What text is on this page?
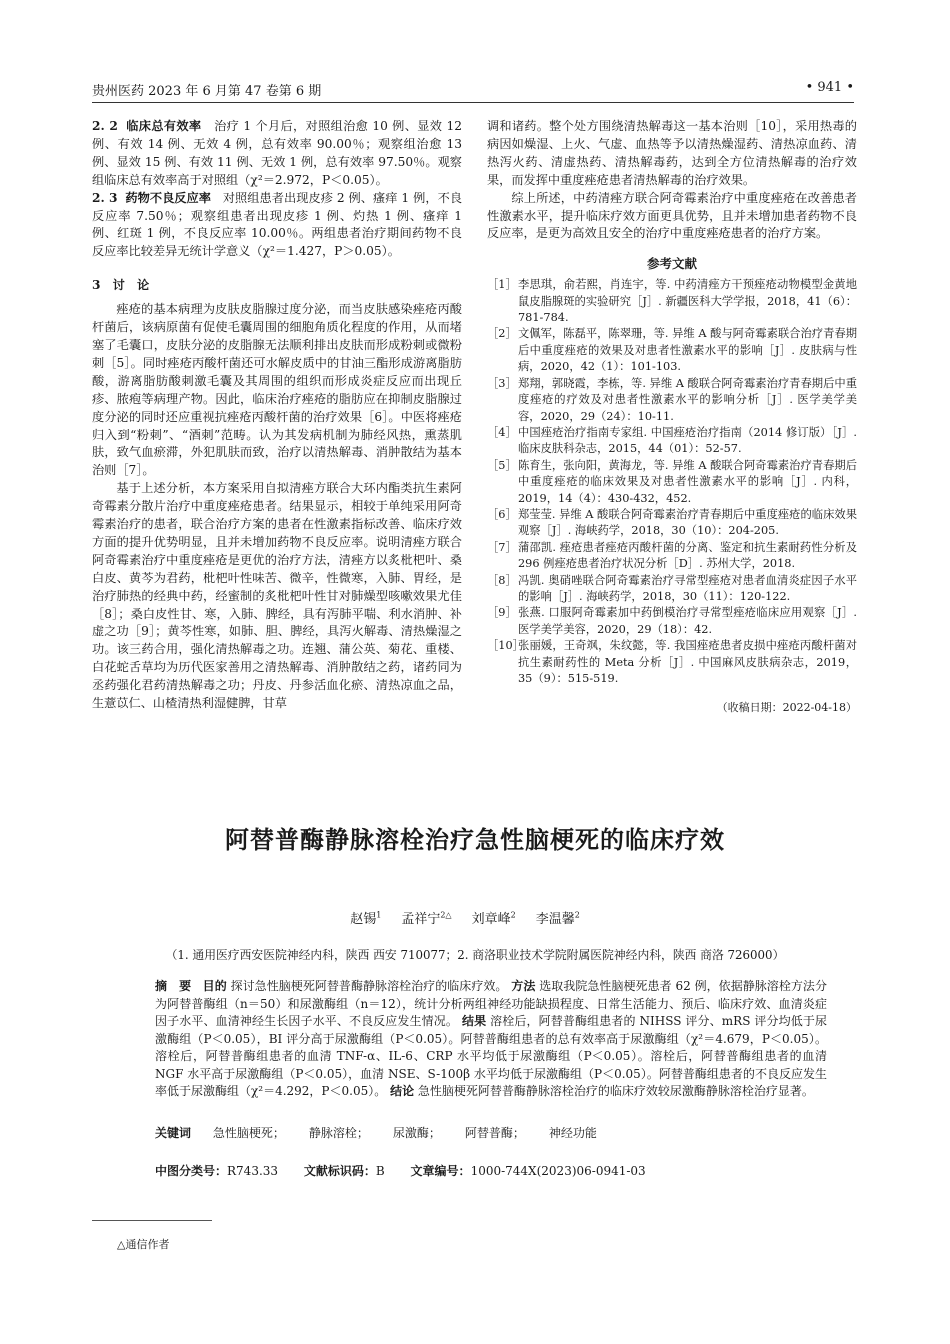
贵州医药 2023 年 6 月第 47 卷第 6 期	• 941 •

2. 2 临床总有效率 治疗 1 个月后，对照组治愈 10 例、显效 12 例、有效 14 例、无效 4 例，总有效率 90.00％；观察组治愈 13 例、显效 15 例、有效 11 例、无效 1 例，总有效率 97.50％。观察组临床总有效率高于对照组（χ²＝2.972，P＜0.05）。

2. 3 药物不良反应率 对照组患者出现皮疹 2 例、瘙痒 1 例，不良反应率 7.50％；观察组患者出现皮疹 1 例、灼热 1 例、瘙痒 1 例、红斑 1 例，不良反应率 10.00％。两组患者治疗期间药物不良反应率比较差异无统计学意义（χ²＝1.427，P＞0.05）。

3　讨　论

痤疮的基本病理为皮肤皮脂腺过度分泌，而当皮肤感染痤疮丙酸杆菌后，该病原菌有促使毛囊周围的细胞角质化程度的作用，从而堵塞了毛囊口，皮肤分泌的皮脂腺无法顺利排出皮肤而形成粉刺或微粉刺［5］。同时痤疮丙酸杆菌还可水解皮质中的甘油三酯形成游离脂肪酸，游离脂肪酸刺激毛囊及其周围的组织而形成炎症反应而出现丘疹、脓疱等病理产物。因此，临床治疗痤疮的脂肪应在抑制皮脂腺过度分泌的同时还应重视抗痤疮丙酸杆菌的治疗效果［6］。中医将痤疮归入到“粉刺”、“酒刺”范畴。认为其发病机制为肺经风热，熏蒸肌肤，致气血瘀滞，外犯肌肤而致，治疗以清热解毒、消肿散结为基本治则［7］。

基于上述分析，本方案采用自拟清痤方联合大环内酯类抗生素阿奇霉素分散片治疗中重度痤疮患者。结果显示，相较于单纯采用阿奇霉素治疗的患者，联合治疗方案的患者在性激素指标改善、临床疗效方面的提升优势明显，且并未增加药物不良反应率。说明清痤方联合阿奇霉素治疗中重度痤疮是更优的治疗方法，清痤方以炙枇杷叶、桑白皮、黄芩为君药，枇杷叶性味苦、微辛，性微寒，入肺、胃经，是治疗肺热的经典中药，经蜜制的炙枇杷叶性甘对肺燥型咳嗽效果尤佳［8］；桑白皮性甘、寒，入肺、脾经，具有泻肺平喘、利水消肿、补虚之功［9］；黄芩性寒，如肺、胆、脾经，具泻火解毒、清热燥湿之功。该三药合用，强化清热解毒之功。连翘、蒲公英、菊花、重楼、白花蛇舌草均为历代医家善用之清热解毒、消肿散结之药，诸药同为丞药强化君药清热解毒之功；丹皮、丹参活血化瘀、清热凉血之品，生薏苡仁、山楂清热利湿健脾，甘草

调和诸药。整个处方围绕清热解毒这一基本治则［10］，采用热毒的病因如燥湿、上火、气虚、血热等予以清热燥湿药、清热凉血药、清热泻火药、清虚热药、清热解毒药，达到全方位清热解毒的治疗效果，而发挥中重度痤疮患者清热解毒的治疗效果。

综上所述，中药清痤方联合阿奇霉素治疗中重度痤疮在改善患者性激素水平，提升临床疗效方面更具优势，且并未增加患者药物不良反应率，是更为高效且安全的治疗中重度痤疮患者的治疗方案。

参考文献
［1］ 李思琪，俞若熙，肖连宇，等. 中药清痤方干预痤疮动物模型金黄地鼠皮脂腺斑的实验研究［J］. 新疆医科大学学报，2018，41（6）：781-784.
［2］ 文佩军，陈磊平，陈翠珊，等. 异维 A 酸与阿奇霉素联合治疗青春期后中重度痤疮的效果及对患者性激素水平的影响［J］. 皮肤病与性病，2020，42（1）：101-103.
［3］ 郑翔，郭晓霞，李栋，等. 异维 A 酸联合阿奇霉素治疗青春期后中重度痤疮的疗效及对患者性激素水平的影响分析［J］. 医学美学美容，2020，29（24）：10-11.
［4］ 中国痤疮治疗指南专家组. 中国痤疮治疗指南（2014 修订版）［J］. 临床皮肤科杂志，2015，44（01）：52-57.
［5］ 陈育生，张向阳，黄海龙，等. 异维 A 酸联合阿奇霉素治疗青春期后中重度痤疮的临床效果及对患者性激素水平的影响［J］. 内科，2019，14（4）：430-432，452.
［6］ 郑莹莹. 异维 A 酸联合阿奇霉素治疗青春期后中重度痤疮的临床效果观察［J］. 海峡药学，2018，30（10）：204-205.
［7］ 蒲邵凯. 痤疮患者痤疮丙酸杆菌的分离、鉴定和抗生素耐药性分析及 296 例痤疮患者治疗状况分析［D］. 苏州大学，2018.
［8］ 冯凯. 奥硝唑联合阿奇霉素治疗寻常型痤疮对患者血清炎症因子水平的影响［J］. 海峡药学，2018，30（11）：120-122.
［9］ 张燕. 口服阿奇霉素加中药倒模治疗寻常型痤疮临床应用观察［J］. 医学美学美容，2020，29（18）：42.
［10］
张丽媛，王奇飒，朱纹懿，等. 我国痤疮患者皮损中痤疮丙酸杆菌对抗生素耐药性的 Meta 分析［J］. 中国麻风皮肤病杂志，2019，35（9）：515-519.
（收稿日期：2022-04-18）
阿替普酶静脉溶栓治疗急性脑梗死的临床疗效
赵锡$^1$ 孟祥宁$^{2\triangle}$ 刘章峰$^2$ 李温馨$^2$
（1. 通用医疗西安医院神经内科，陕西 西安 710077；2. 商洛职业技术学院附属医院神经内科，陕西 商洛 726000）
摘　要 目的 探讨急性脑梗死阿替普酶静脉溶栓治疗的临床疗效。 方法 选取我院急性脑梗死患者 62 例，依据静脉溶栓方法分为阿替普酶组（n＝50）和尿激酶组（n＝12），统计分析两组神经功能缺损程度、日常生活能力、预后、临床疗效、血清炎症因子水平、血清神经生长因子水平、不良反应发生情况。 结果 溶栓后，阿替普酶组患者的 NIHSS 评分、mRS 评分均低于尿激酶组（P＜0.05），BI 评分高于尿激酶组（P＜0.05）。阿替普酶组患者的总有效率高于尿激酶组（χ²＝4.679，P＜0.05）。溶栓后，阿替普酶组患者的血清 TNF-α、IL-6、CRP 水平均低于尿激酶组（P＜0.05）。溶栓后，阿替普酶组患者的血清 NGF 水平高于尿激酶组（P＜0.05），血清 NSE、S-100β 水平均低于尿激酶组（P＜0.05）。阿替普酶组患者的不良反应发生率低于尿激酶组（χ²＝4.292，P＜0.05）。 结论 急性脑梗死阿替普酶静脉溶栓治疗的临床疗效较尿激酶静脉溶栓治疗显著。
关键词 急性脑梗死； 静脉溶栓； 尿激酶； 阿替普酶； 神经功能
中图分类号：R743.33 文献标识码：B 文章编号：1000-744X(2023)06-0941-03
△通信作者
